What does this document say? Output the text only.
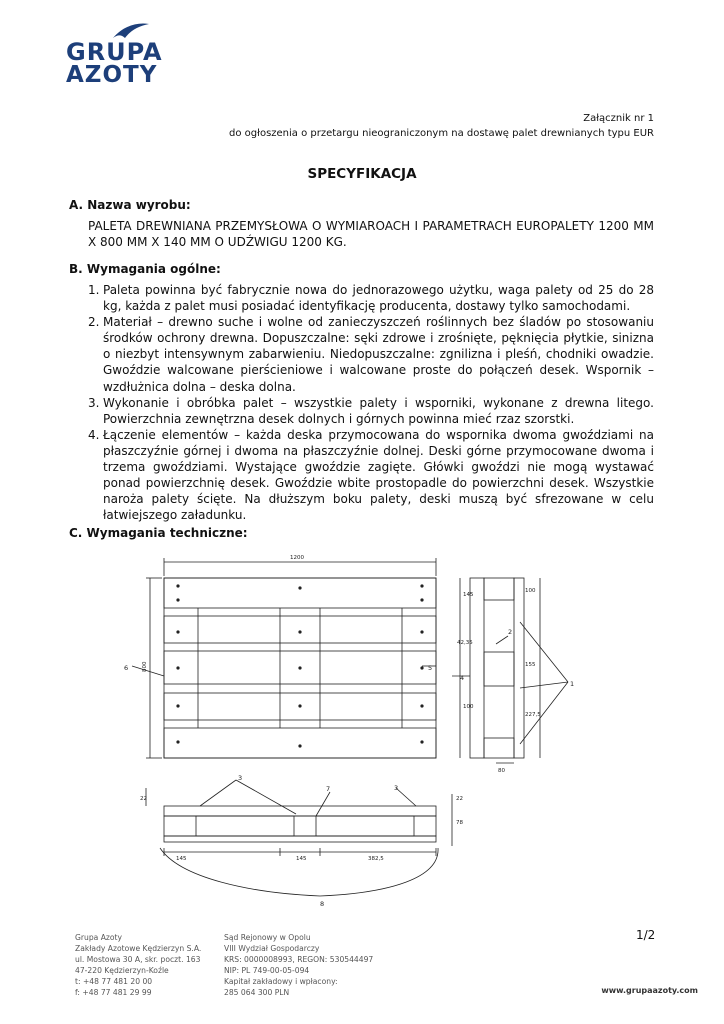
GRUPA
AZOTY
Załącznik nr 1
do ogłoszenia o przetargu nieograniczonym na dostawę palet drewnianych typu EUR
SPECYFIKACJA
A. Nazwa wyrobu:
PALETA DREWNIANA PRZEMYSŁOWA O WYMIAROACH I PARAMETRACH EUROPALETY 1200 MM X 800 MM X 140 MM O UDŹWIGU 1200 KG.
B. Wymagania ogólne:
1. Paleta powinna być fabrycznie nowa do jednorazowego użytku, waga palety od 25 do 28 kg, każda z palet musi posiadać identyfikację producenta, dostawy tylko samochodami.
2. Materiał – drewno suche i wolne od zanieczyszczeń roślinnych bez śladów po stosowaniu środków ochrony drewna. Dopuszczalne: sęki zdrowe i zrośnięte, pęknięcia płytkie, sinizna o niezbyt intensywnym zabarwieniu. Niedopuszczalne: zgnilizna i pleśń, chodniki owadzie. Gwoździe walcowane pierścieniowe i walcowane proste do połączeń desek. Wspornik – wzdłużnica dolna – deska dolna.
3. Wykonanie i obróbka palet – wszystkie palety i wsporniki, wykonane z drewna litego. Powierzchnia zewnętrzna desek dolnych i górnych powinna mieć rzaz szorstki.
4. Łączenie elementów – każda deska przymocowana do wspornika dwoma gwoździami na płaszczyźnie górnej i dwoma na płaszczyźnie dolnej. Deski górne przymocowane dwoma i trzema gwoździami. Wystające gwoździe zagięte. Główki gwoździ nie mogą wystawać ponad powierzchnię desek. Gwoździe wbite prostopadle do powierzchni desek. Wszystkie naroża palety ścięte. Na dłuższym boku palety, deski muszą być sfrezowane w celu łatwiejszego załadunku.
C. Wymagania techniczne:
1200
800
145
100
42,35
155
227,5
100
80
22	22
78
145	145	382,5
1
2
3
3
4
5
6
7
8
1/2
Grupa Azoty
Zakłady Azotowe Kędzierzyn S.A.
ul. Mostowa 30 A, skr. poczt. 163
47-220 Kędzierzyn-Koźle
t: +48 77 481 20 00
f: +48 77 481 29 99
Sąd Rejonowy w Opolu
VIII Wydział Gospodarczy
KRS: 0000008993, REGON: 530544497
NIP: PL 749-00-05-094
Kapitał zakładowy i wpłacony:
285 064 300 PLN	www.grupaazoty.com
